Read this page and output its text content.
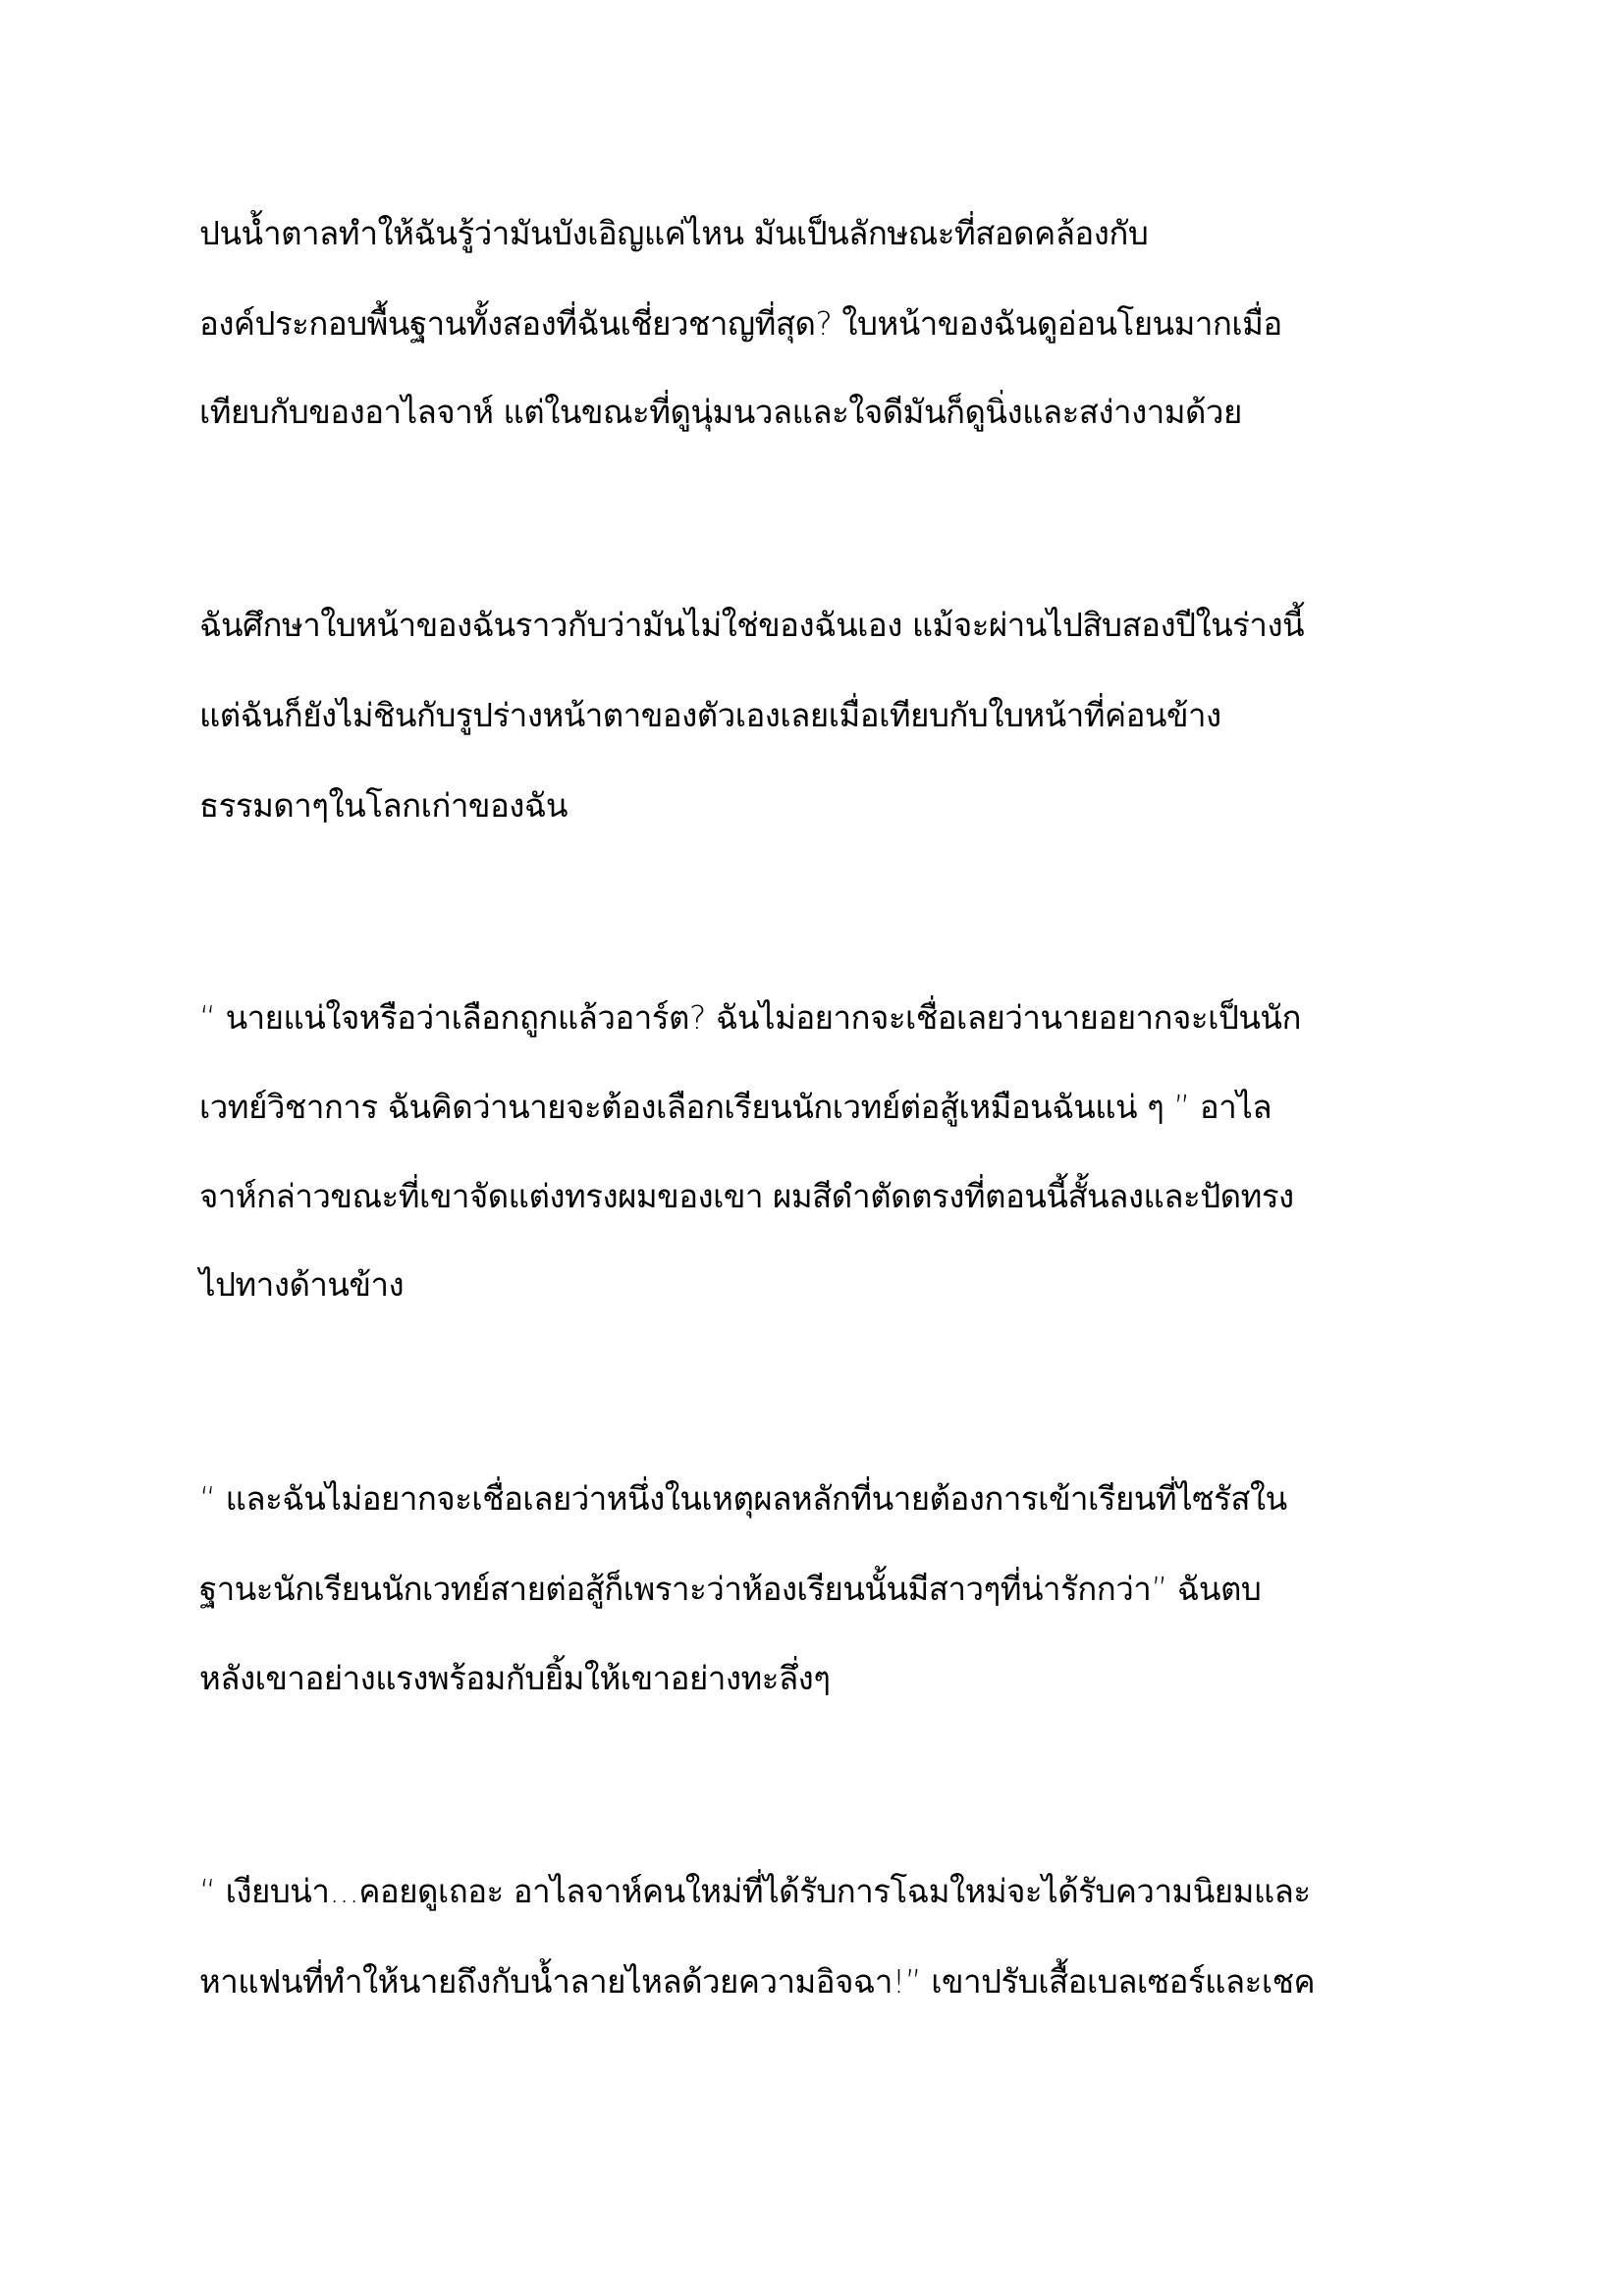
ปนน้ำตาลทำให้ฉันรู้ว่ามันบังเอิญแค่ไหน มันเป็นลักษณะที่สอดคล้องกับ

องค์ประกอบพื้นฐานทั้งสองที่ฉันเชี่ยวชาญที่สุด? ใบหน้าของฉันดูอ่อนโยนมากเมื่อ

เทียบกับของอาไลจาห์ แต่ในขณะที่ดูนุ่มนวลและใจดีมันก็ดูนิ่งและสง่างามด้วย

ฉันศึกษาใบหน้าของฉันราวกับว่ามันไม่ใช่ของฉันเอง แม้จะผ่านไปสิบสองปีในร่างนี้

แต่ฉันก็ยังไม่ชินกับรูปร่างหน้าตาของตัวเองเลยเมื่อเทียบกับใบหน้าที่ค่อนข้าง

ธรรมดาๆในโลกเก่าของฉัน

“ นายแน่ใจหรือว่าเลือกถูกแล้วอาร์ต? ฉันไม่อยากจะเชื่อเลยว่านายอยากจะเป็นนัก

เวทย์วิชาการ ฉันคิดว่านายจะต้องเลือกเรียนนักเวทย์ต่อสู้เหมือนฉันแน่ ๆ ” อาไล

จาห์กล่าวขณะที่เขาจัดแต่งทรงผมของเขา ผมสีดำตัดตรงที่ตอนนี้สั้นลงและปัดทรง

ไปทางด้านข้าง

“ และฉันไม่อยากจะเชื่อเลยว่าหนึ่งในเหตุผลหลักที่นายต้องการเข้าเรียนที่ไซรัสใน

ฐานะนักเรียนนักเวทย์สายต่อสู้ก็เพราะว่าห้องเรียนนั้นมีสาวๆที่น่ารักกว่า” ฉันตบ

หลังเขาอย่างแรงพร้อมกับยิ้มให้เขาอย่างทะลึ่งๆ

“ เงียบน่า...คอยดูเถอะ อาไลจาห์คนใหม่ที่ได้รับการโฉมใหม่จะได้รับความนิยมและ

หาแฟนที่ทำให้นายถึงกับน้ำลายไหลด้วยความอิจฉา!” เขาปรับเสื้อเบลเซอร์และเชค
